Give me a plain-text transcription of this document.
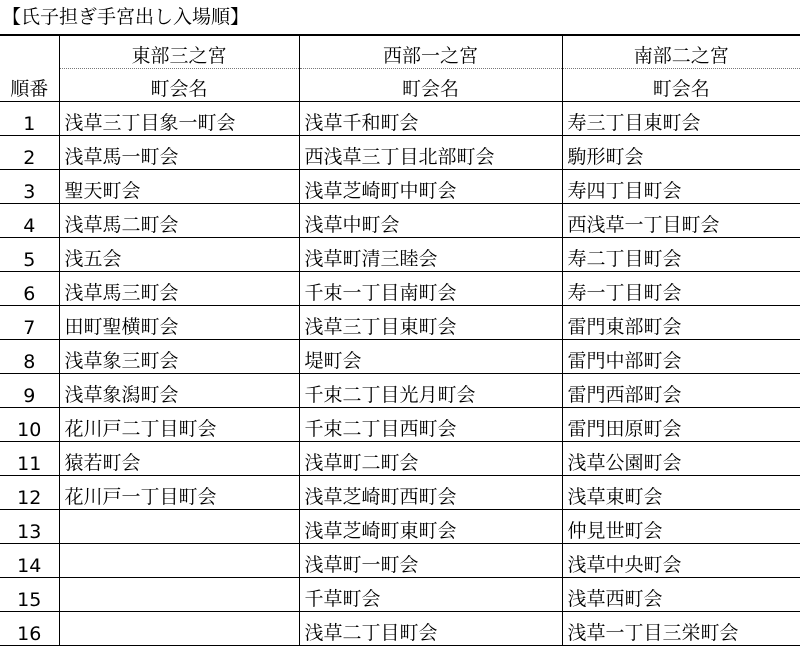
【氏子担ぎ手宮出し入場順】
	東部三之宮	西部一之宮	南部二之宮
順番	町会名	町会名	町会名
1	浅草三丁目象一町会	浅草千和町会	寿三丁目東町会
2	浅草馬一町会	西浅草三丁目北部町会	駒形町会
3	聖天町会	浅草芝崎町中町会	寿四丁目町会
4	浅草馬二町会	浅草中町会	西浅草一丁目町会
5	浅五会	浅草町清三睦会	寿二丁目町会
6	浅草馬三町会	千束一丁目南町会	寿一丁目町会
7	田町聖横町会	浅草三丁目東町会	雷門東部町会
8	浅草象三町会	堤町会	雷門中部町会
9	浅草象潟町会	千束二丁目光月町会	雷門西部町会
10	花川戸二丁目町会	千束二丁目西町会	雷門田原町会
11	猿若町会	浅草町二町会	浅草公園町会
12	花川戸一丁目町会	浅草芝崎町西町会	浅草東町会
13		浅草芝崎町東町会	仲見世町会
14		浅草町一町会	浅草中央町会
15		千草町会	浅草西町会
16		浅草二丁目町会	浅草一丁目三栄町会
